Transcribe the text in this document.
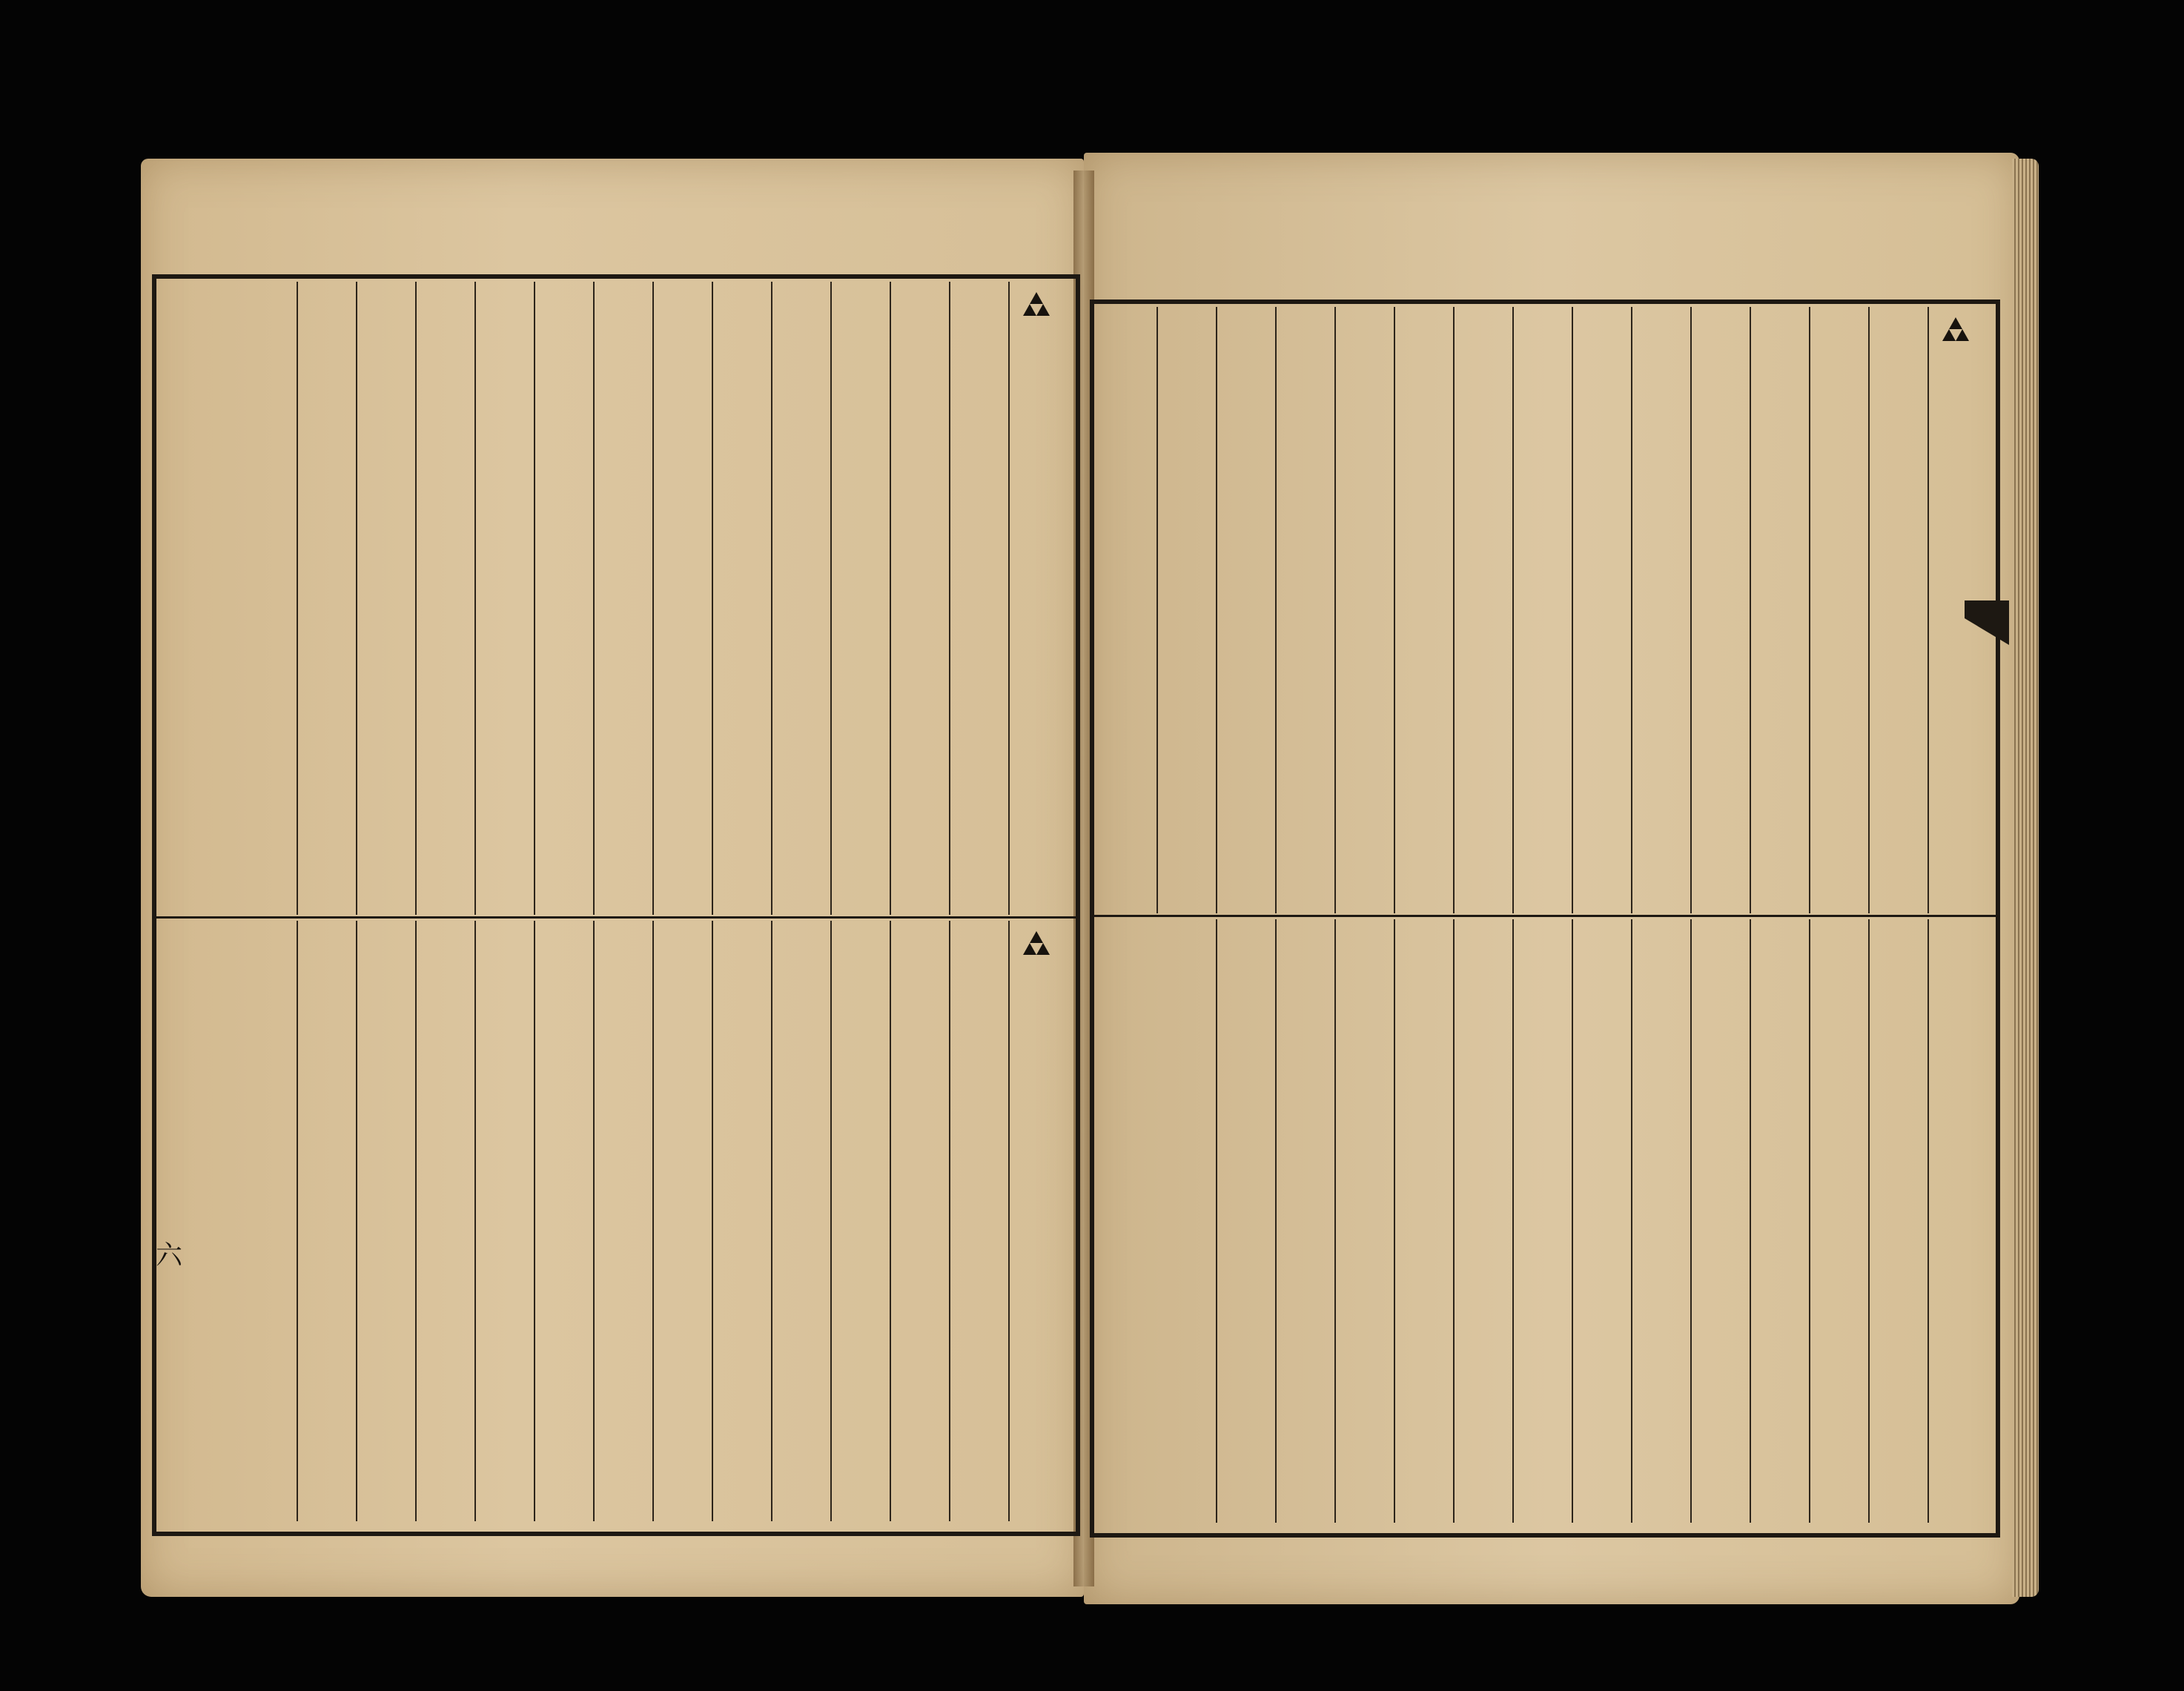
六
